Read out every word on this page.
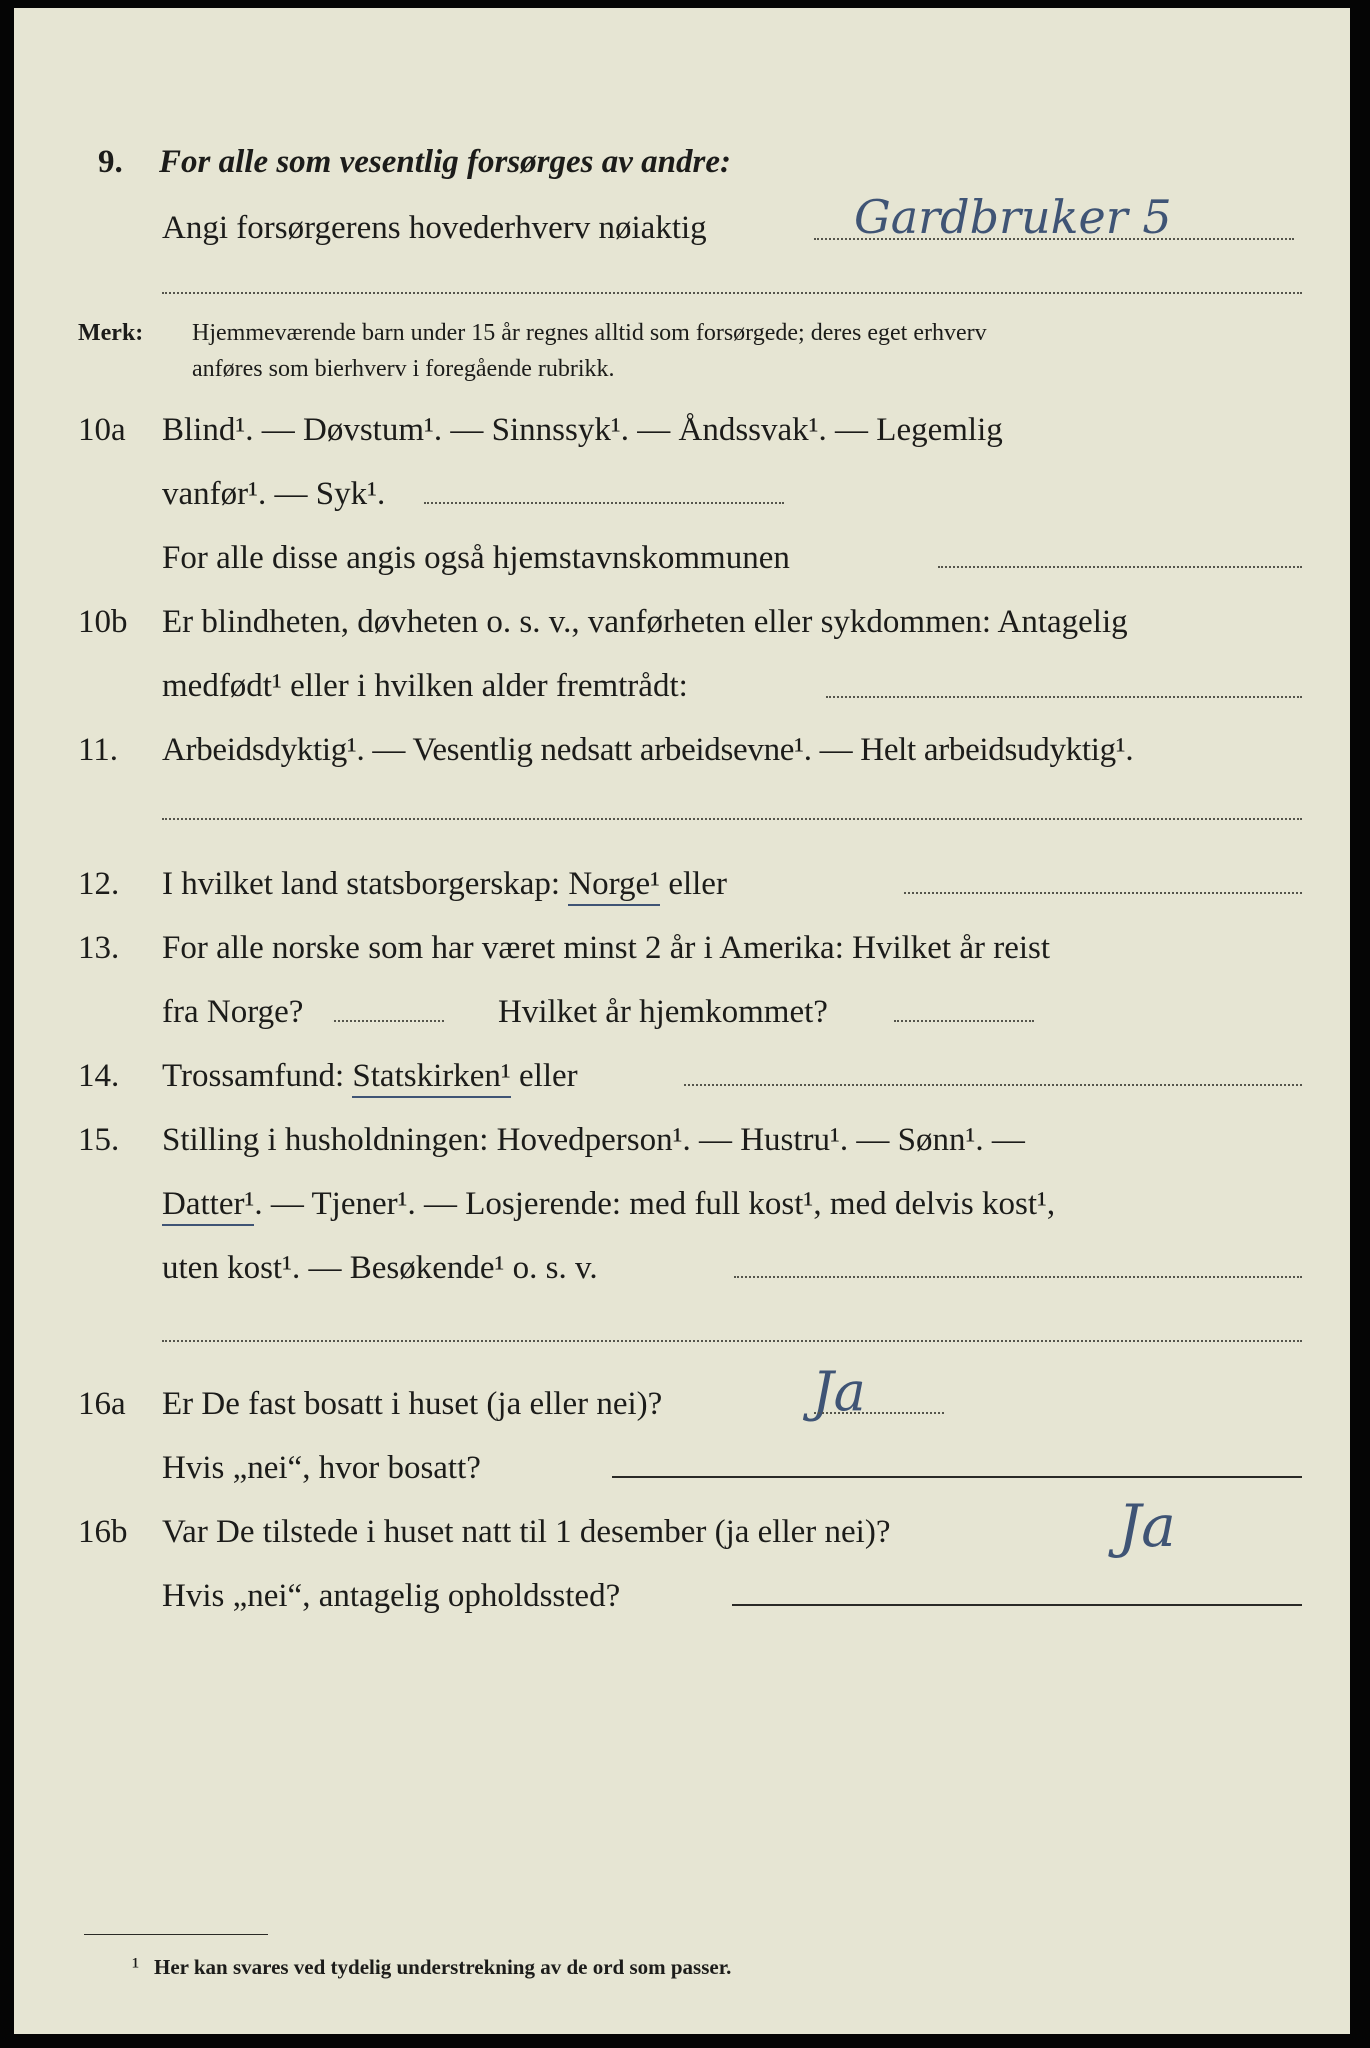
9. For alle som vesentlig forsørges av andre:
Angi forsørgerens hovederhverv nøiaktig	Gardbruker 5
Merk: Hjemmeværende barn under 15 år regnes alltid som forsørgede; deres eget erhverv
anføres som bierhverv i foregående rubrikk.
10a Blind¹. — Døvstum¹. — Sinnssyk¹. — Åndssvak¹. — Legemlig
vanfør¹. — Syk¹.
For alle disse angis også hjemstavnskommunen
10b Er blindheten, døvheten o. s. v., vanførheten eller sykdommen: Antagelig
medfødt¹ eller i hvilken alder fremtrådt:
11. Arbeidsdyktig¹. — Vesentlig nedsatt arbeidsevne¹. — Helt arbeidsudyktig¹.
12. I hvilket land statsborgerskap: Norge¹ eller
13. For alle norske som har været minst 2 år i Amerika: Hvilket år reist
fra Norge?	Hvilket år hjemkommet?
14. Trossamfund: Statskirken¹ eller
15. Stilling i husholdningen: Hovedperson¹. — Hustru¹. — Sønn¹. —
Datter¹. — Tjener¹. — Losjerende: med full kost¹, med delvis kost¹,
uten kost¹. — Besøkende¹ o. s. v.
16a Er De fast bosatt i huset (ja eller nei)?	Ja
Hvis „nei“, hvor bosatt?
16b Var De tilstede i huset natt til 1 desember (ja eller nei)?	Ja
Hvis „nei“, antagelig opholdssted?
¹ Her kan svares ved tydelig understrekning av de ord som passer.
